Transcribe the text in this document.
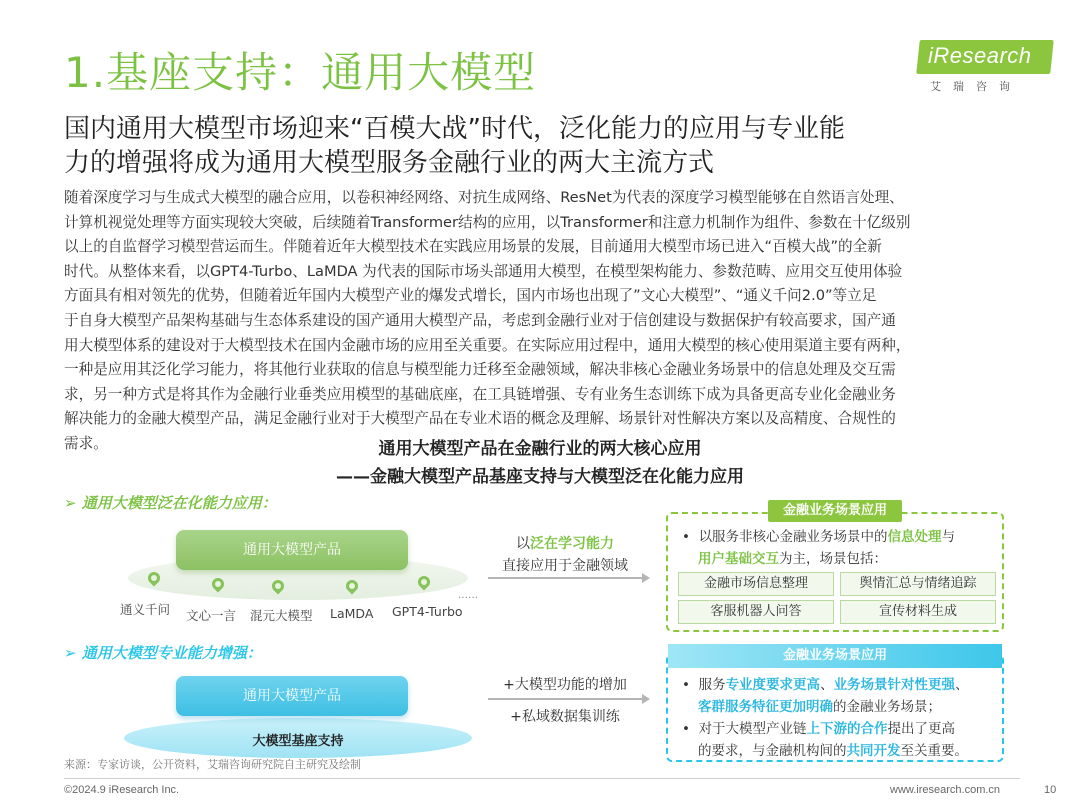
1.基座支持：通用大模型	iResearch
艾瑞咨询
国内通用大模型市场迎来“百模大战”时代，泛化能力的应用与专业能
力的增强将成为通用大模型服务金融行业的两大主流方式
随着深度学习与生成式大模型的融合应用，以卷积神经网络、对抗生成网络、ResNet为代表的深度学习模型能够在自然语言处理、
计算机视觉处理等方面实现较大突破，后续随着Transformer结构的应用，以Transformer和注意力机制作为组件、参数在十亿级别
以上的自监督学习模型营运而生。伴随着近年大模型技术在实践应用场景的发展，目前通用大模型市场已进入“百模大战”的全新
时代。从整体来看，以GPT4-Turbo、LaMDA 为代表的国际市场头部通用大模型，在模型架构能力、参数范畴、应用交互使用体验
方面具有相对领先的优势，但随着近年国内大模型产业的爆发式增长，国内市场也出现了”文心大模型”、“通义千问2.0”等立足
于自身大模型产品架构基础与生态体系建设的国产通用大模型产品，考虑到金融行业对于信创建设与数据保护有较高要求，国产通
用大模型体系的建设对于大模型技术在国内金融市场的应用至关重要。在实际应用过程中，通用大模型的核心使用渠道主要有两种，
一种是应用其泛化学习能力，将其他行业获取的信息与模型能力迁移至金融领域，解决非核心金融业务场景中的信息处理及交互需
求，另一种方式是将其作为金融行业垂类应用模型的基础底座，在工具链增强、专有业务生态训练下成为具备更高专业化金融业务
解决能力的金融大模型产品，满足金融行业对于大模型产品在专业术语的概念及理解、场景针对性解决方案以及高精度、合规性的
需求。	通用大模型产品在金融行业的两大核心应用
——金融大模型产品基座支持与大模型泛在化能力应用
➢ 通用大模型泛在化能力应用：
通用大模型产品
通义千问 文心一言 混元大模型 LaMDA GPT4-Turbo
……
以泛在学习能力
直接应用于金融领域
金融业务场景应用
• 以服务非核心金融业务场景中的信息处理与
用户基础交互为主，场景包括：
金融市场信息整理	舆情汇总与情绪追踪
客服机器人问答	宣传材料生成
➢ 通用大模型专业能力增强：
大模型基座支持
通用大模型产品
+大模型功能的增加
+私域数据集训练
金融业务场景应用
• 服务专业度要求更高、业务场景针对性更强、
客群服务特征更加明确的金融业务场景；
• 对于大模型产业链上下游的合作提出了更高
的要求，与金融机构间的共同开发至关重要。
来源：专家访谈，公开资料，艾瑞咨询研究院自主研究及绘制
©2024.9 iResearch Inc.	www.iresearch.com.cn	10
